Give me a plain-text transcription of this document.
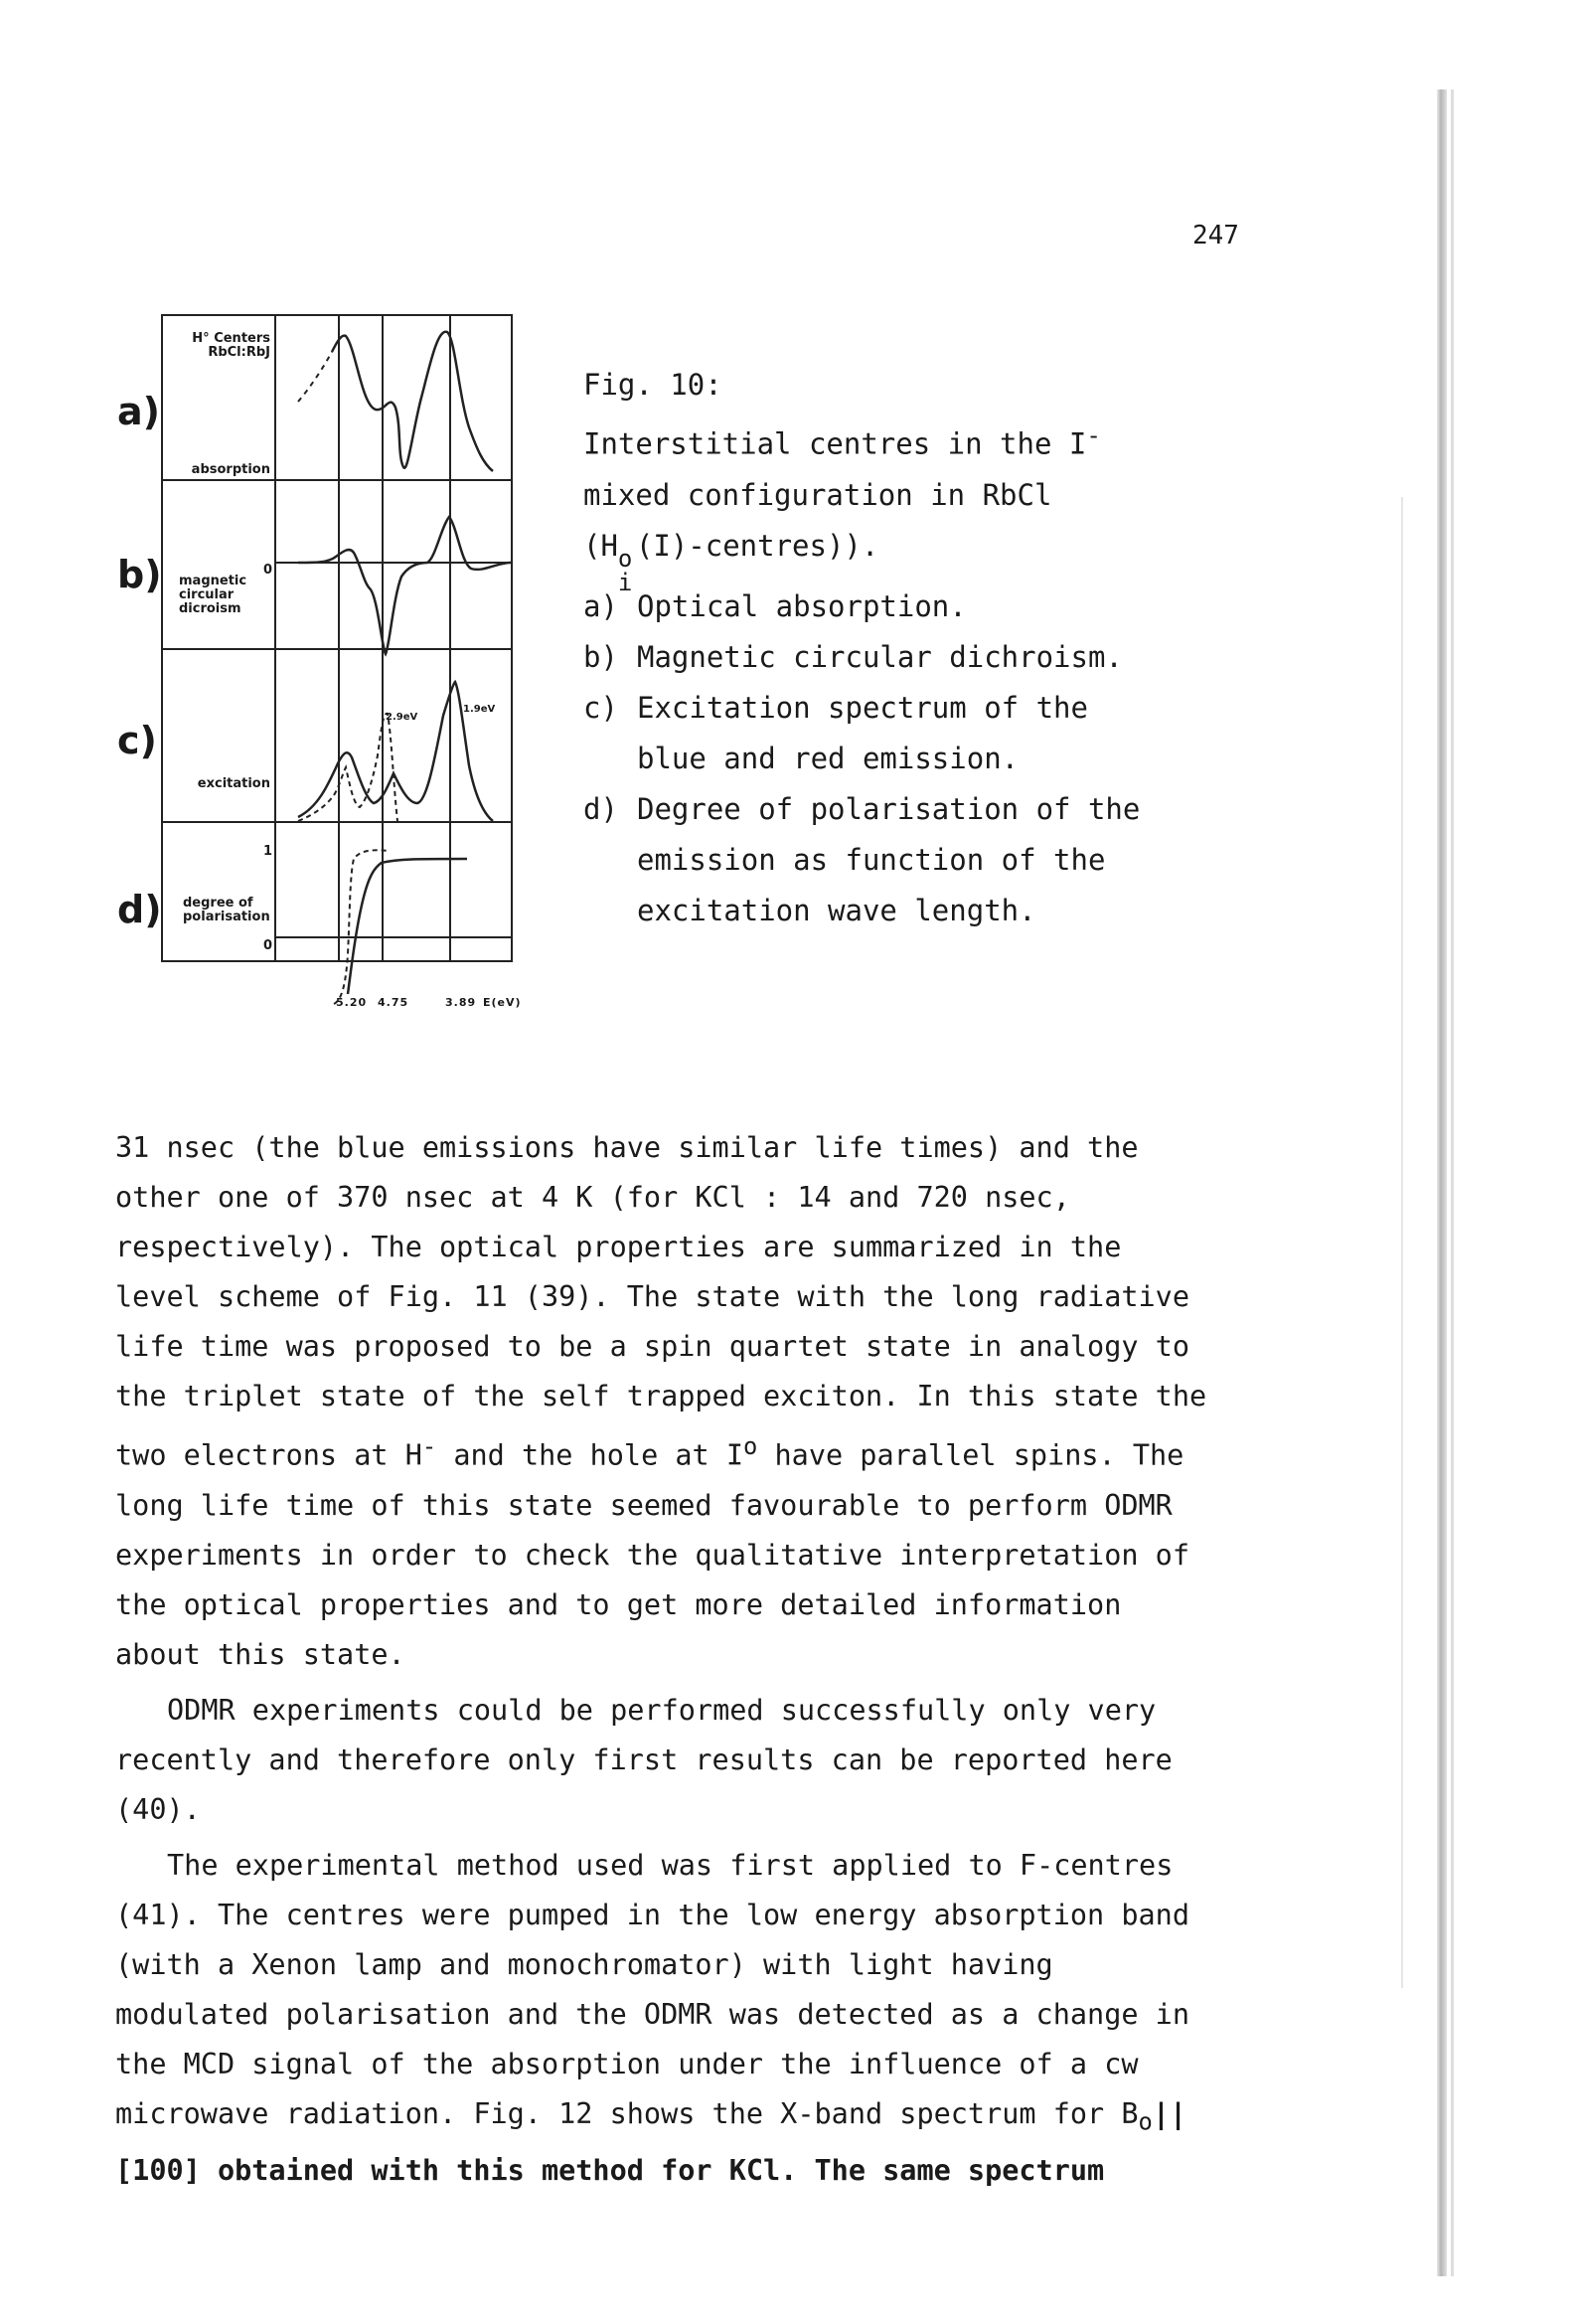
247
a)
b)
c)
d)
H° Centers
RbCl:RbJ
absorption
magnetic
circular
dicroism
0
excitation
1
degree of
polarisation
0
2.9eV
1.9eV
5.20 4.75	3.89 E(eV)

Fig. 10:

Interstitial centres in the I-

mixed configuration in RbCl

(H o
i
(I)-centres)).

a) Optical absorption.

b) Magnetic circular dichroism.

c) Excitation spectrum of the blue and red emission.

d) Degree of polarisation of the emission as function of the excitation wave length.

31 nsec (the blue emissions have similar life times) and the other one of 370 nsec at 4 K (for KCl : 14 and 720 nsec, respectively). The optical properties are summarized in the level scheme of Fig. 11 (39). The state with the long radiative life time was proposed to be a spin quartet state in analogy to the triplet state of the self trapped exciton. In this state the two electrons at H- and the hole at $I^o$ have parallel spins. The long life time of this state seemed favourable to perform ODMR experiments in order to check the qualitative interpretation of the optical properties and to get more detailed information about this state.

ODMR experiments could be performed successfully only very recently and therefore only first results can be reported here (40).

The experimental method used was first applied to F-centres (41). The centres were pumped in the low energy absorption band (with a Xenon lamp and monochromator) with light having modulated polarisation and the ODMR was detected as a change in the MCD signal of the absorption under the influence of a cw microwave radiation. Fig. 12 shows the X-band spectrum for $B_o||$ [100] obtained with this method for KCl. The same spectrum
